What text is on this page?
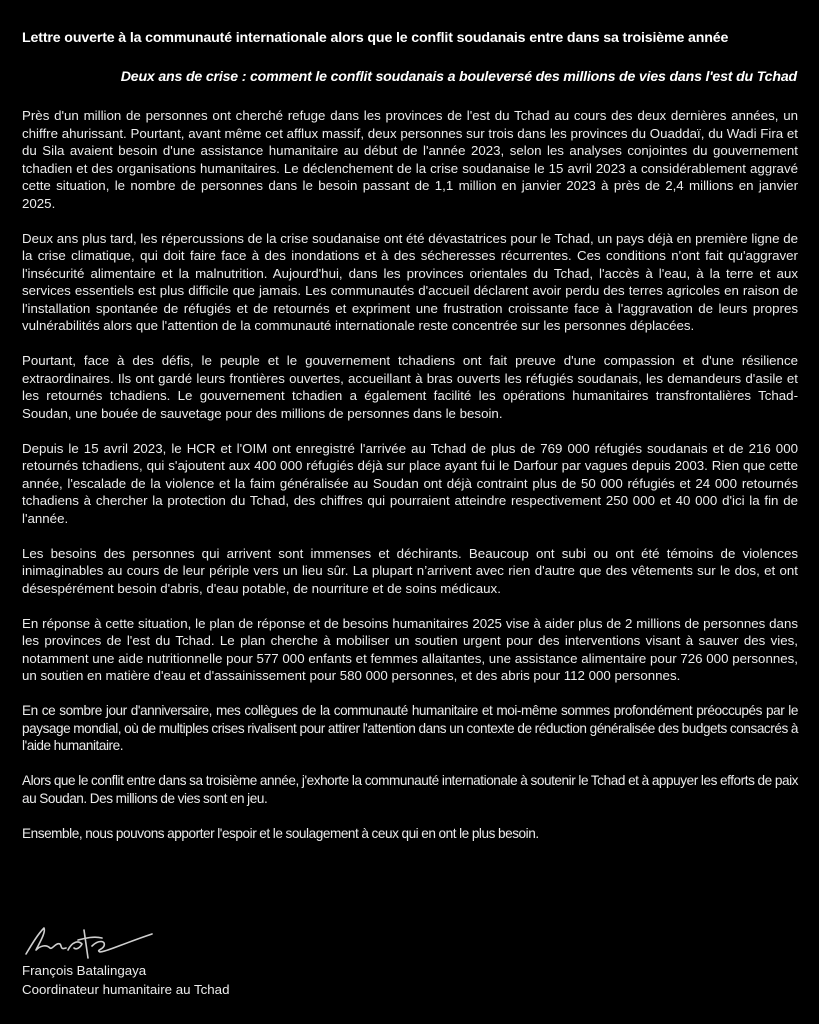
Lettre ouverte à la communauté internationale alors que le conflit soudanais entre dans sa troisième année
Deux ans de crise : comment le conflit soudanais a bouleversé des millions de vies dans l'est du Tchad

Près d'un million de personnes ont cherché refuge dans les provinces de l'est du Tchad au cours des deux dernières années, un chiffre ahurissant. Pourtant, avant même cet afflux massif, deux personnes sur trois dans les provinces du Ouaddaï, du Wadi Fira et du Sila avaient besoin d'une assistance humanitaire au début de l'année 2023, selon les analyses conjointes du gouvernement tchadien et des organisations humanitaires. Le déclenchement de la crise soudanaise le 15 avril 2023 a considérablement aggravé cette situation, le nombre de personnes dans le besoin passant de 1,1 million en janvier 2023 à près de 2,4 millions en janvier 2025.

Deux ans plus tard, les répercussions de la crise soudanaise ont été dévastatrices pour le Tchad, un pays déjà en première ligne de la crise climatique, qui doit faire face à des inondations et à des sécheresses récurrentes. Ces conditions n'ont fait qu'aggraver l'insécurité alimentaire et la malnutrition. Aujourd'hui, dans les provinces orientales du Tchad, l'accès à l'eau, à la terre et aux services essentiels est plus difficile que jamais. Les communautés d'accueil déclarent avoir perdu des terres agricoles en raison de l'installation spontanée de réfugiés et de retournés et expriment une frustration croissante face à l'aggravation de leurs propres vulnérabilités alors que l'attention de la communauté internationale reste concentrée sur les personnes déplacées.

Pourtant, face à des défis, le peuple et le gouvernement tchadiens ont fait preuve d'une compassion et d'une résilience extraordinaires. Ils ont gardé leurs frontières ouvertes, accueillant à bras ouverts les réfugiés soudanais, les demandeurs d'asile et les retournés tchadiens. Le gouvernement tchadien a également facilité les opérations humanitaires transfrontalières Tchad-Soudan, une bouée de sauvetage pour des millions de personnes dans le besoin.

Depuis le 15 avril 2023, le HCR et l'OIM ont enregistré l'arrivée au Tchad de plus de 769 000 réfugiés soudanais et de 216 000 retournés tchadiens, qui s'ajoutent aux 400 000 réfugiés déjà sur place ayant fui le Darfour par vagues depuis 2003. Rien que cette année, l'escalade de la violence et la faim généralisée au Soudan ont déjà contraint plus de 50 000 réfugiés et 24 000 retournés tchadiens à chercher la protection du Tchad, des chiffres qui pourraient atteindre respectivement 250 000 et 40 000 d'ici la fin de l'année.

Les besoins des personnes qui arrivent sont immenses et déchirants. Beaucoup ont subi ou ont été témoins de violences inimaginables au cours de leur périple vers un lieu sûr. La plupart n’arrivent avec rien d'autre que des vêtements sur le dos, et ont désespérément besoin d'abris, d'eau potable, de nourriture et de soins médicaux.

En réponse à cette situation, le plan de réponse et de besoins humanitaires 2025 vise à aider plus de 2 millions de personnes dans les provinces de l'est du Tchad. Le plan cherche à mobiliser un soutien urgent pour des interventions visant à sauver des vies, notamment une aide nutritionnelle pour 577 000 enfants et femmes allaitantes, une assistance alimentaire pour 726 000 personnes, un soutien en matière d'eau et d'assainissement pour 580 000 personnes, et des abris pour 112 000 personnes.

En ce sombre jour d'anniversaire, mes collègues de la communauté humanitaire et moi-même sommes profondément préoccupés par le paysage mondial, où de multiples crises rivalisent pour attirer l'attention dans un contexte de réduction généralisée des budgets consacrés à l'aide humanitaire.

Alors que le conflit entre dans sa troisième année, j'exhorte la communauté internationale à soutenir le Tchad et à appuyer les efforts de paix au Soudan. Des millions de vies sont en jeu.

Ensemble, nous pouvons apporter l'espoir et le soulagement à ceux qui en ont le plus besoin.

François Batalingaya
Coordinateur humanitaire au Tchad
